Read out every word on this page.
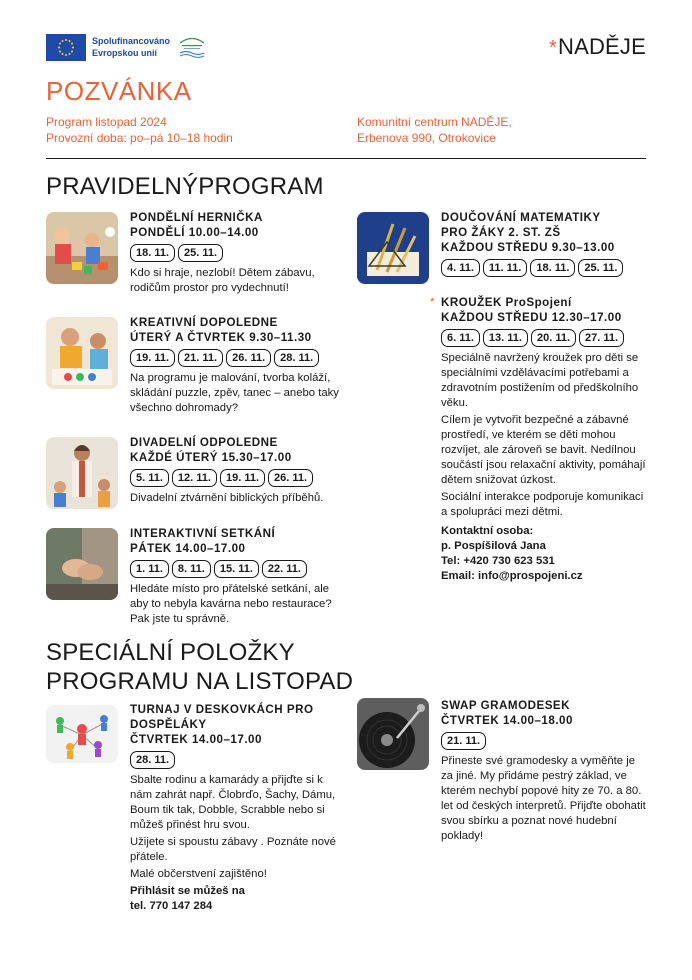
Spolufinancováno
Evropskou unií	*NADĚJE
POZVÁNKA
Program listopad 2024
Provozní doba: po–pá 10–18 hodin
Komunitní centrum NADĚJE,
Erbenova 990, Otrokovice
PRAVIDELNÝPROGRAM
PONDĚLNÍ HERNIČKA
PONDĚLÍ 10.00–14.00
18. 11.	25. 11.

Kdo si hraje, nezlobí! Dětem zábavu, rodičům prostor pro vydechnutí!

KREATIVNÍ DOPOLEDNE
ÚTERÝ A ČTVRTEK 9.30–11.30
19. 11.	21. 11.	26. 11.	28. 11.

Na programu je malování, tvorba koláží, skládání puzzle, zpěv, tanec – anebo taky všechno dohromady?

DIVADELNÍ ODPOLEDNE
KAŽDÉ ÚTERÝ 15.30–17.00
5. 11.	12. 11.	19. 11.	26. 11.

Divadelní ztvárnění biblických příběhů.

INTERAKTIVNÍ SETKÁNÍ
PÁTEK 14.00–17.00
1. 11.	8. 11.	15. 11.	22. 11.

Hledáte místo pro přátelské setkání, ale aby to nebyla kavárna nebo restaurace? Pak jste tu správně.

DOUČOVÁNÍ MATEMATIKY
PRO ŽÁKY 2. ST. ZŠ
KAŽDOU STŘEDU 9.30–13.00
4. 11.	11. 11.	18. 11.	25. 11.
* KROUŽEK ProSpojení
KAŽDOU STŘEDU 12.30–17.00
6. 11.	13. 11.	20. 11.	27. 11.

Speciálně navržený kroužek pro děti se speciálními vzdělávacími potřebami a zdravotním postižením od předškolního věku.

Cílem je vytvořit bezpečné a zábavné prostředí, ve kterém se děti mohou rozvíjet, ale zároveň se bavit. Nedílnou součástí jsou relaxační aktivity, pomáhají dětem snižovat úzkost.

Sociální interakce podporuje komunikaci a spolupráci mezi dětmi.

Kontaktní osoba:
p. Pospíšilová Jana
Tel: +420 730 623 531
Email: info@prospojeni.cz
SPECIÁLNÍ POLOŽKY
PROGRAMU NA LISTOPAD
TURNAJ V DESKOVKÁCH PRO
DOSPĚLÁKY
ČTVRTEK 14.00–17.00
28. 11.

Sbalte rodinu a kamarády a přijďte si k nám zahrát např. Člobrďo, Šachy, Dámu, Boum tik tak, Dobble, Scrabble nebo si můžeš přinést hru svou.

Užijete si spoustu zábavy . Poznáte nové přátele.

Malé občerstvení zajištěno!

Přihlásit se můžeš na
tel. 770 147 284
SWAP GRAMODESEK
ČTVRTEK 14.00–18.00
21. 11.

Přineste své gramodesky a vyměňte je za jiné. My přidáme pestrý základ, ve kterém nechybí popové hity ze 70. a 80. let od českých interpretů. Přijďte obohatit svou sbírku a poznat nové hudební poklady!
